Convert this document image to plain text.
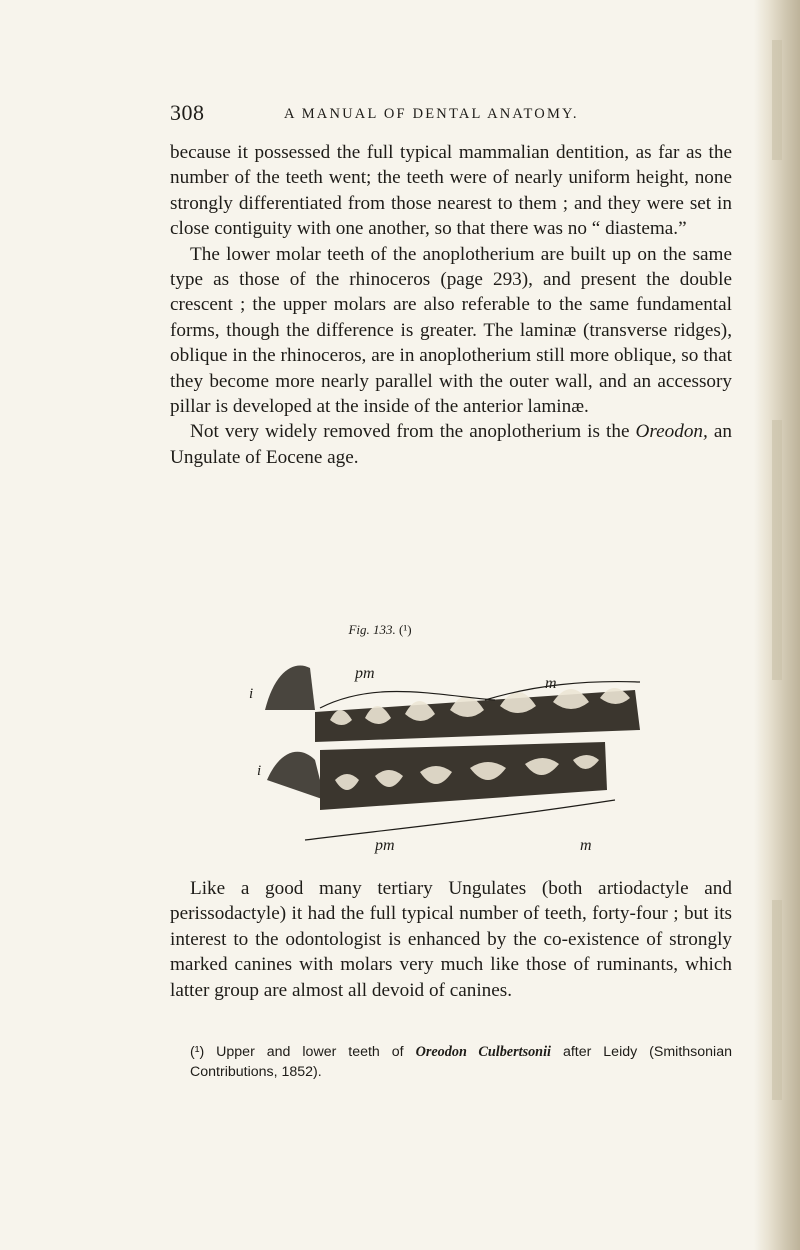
308	A MANUAL OF DENTAL ANATOMY.

because it possessed the full typical mammalian dentition, as far as the number of the teeth went; the teeth were of nearly uniform height, none strongly differentiated from those nearest to them ; and they were set in close contiguity with one another, so that there was no “ diastema.”

The lower molar teeth of the anoplotherium are built up on the same type as those of the rhinoceros (page 293), and present the double crescent ; the upper molars are also referable to the same fundamental forms, though the difference is greater. The laminæ (transverse ridges), oblique in the rhinoceros, are in anoplotherium still more oblique, so that they become more nearly parallel with the outer wall, and an accessory pillar is developed at the inside of the anterior laminæ.

Not very widely removed from the anoplotherium is the Oreodon, an Ungulate of Eocene age.

Fig. 133. (¹)
i
i
pm
m
pm	m

Like a good many tertiary Ungulates (both artiodactyle and perissodactyle) it had the full typical number of teeth, forty-four ; but its interest to the odontologist is enhanced by the co-existence of strongly marked canines with molars very much like those of ruminants, which latter group are almost all devoid of canines.

(¹) Upper and lower teeth of Oreodon Culbertsonii after Leidy (Smithsonian Contributions, 1852).
